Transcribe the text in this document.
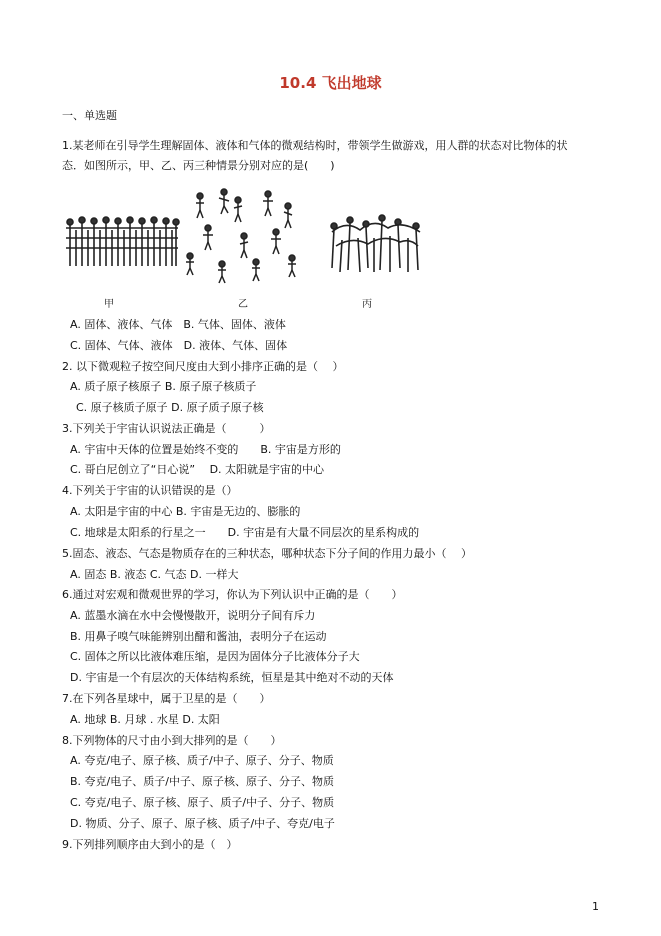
10.4 飞出地球
一、单选题
1.某老师在引导学生理解固体、液体和气体的微观结构时，带领学生做游戏，用人群的状态对比物体的状
态．如图所示，甲、乙、丙三种情景分别对应的是(　　)
甲	乙	丙
A. 固体、液体、气体　B. 气体、固体、液体
C. 固体、气体、液体　D. 液体、气体、固体
2. 以下微观粒子按空间尺度由大到小排序正确的是（　 ）
A. 质子原子核原子 B. 原子原子核质子
C. 原子核质子原子 D. 原子质子原子核
3.下列关于宇宙认识说法正确是（　　　）
A. 宇宙中天体的位置是始终不变的　　B. 宇宙是方形的
C. 哥白尼创立了“日心说”　 D. 太阳就是宇宙的中心
4.下列关于宇宙的认识错误的是（）
A. 太阳是宇宙的中心 B. 宇宙是无边的、膨胀的
C. 地球是太阳系的行星之一　　D. 宇宙是有大量不同层次的星系构成的
5.固态、液态、气态是物质存在的三种状态，哪种状态下分子间的作用力最小（　 ）
A. 固态 B. 液态 C. 气态 D. 一样大
6.通过对宏观和微观世界的学习，你认为下列认识中正确的是（　　）
A. 蓝墨水滴在水中会慢慢散开，说明分子间有斥力
B. 用鼻子嗅气味能辨别出醋和酱油，表明分子在运动
C. 固体之所以比液体难压缩，是因为固体分子比液体分子大
D. 宇宙是一个有层次的天体结构系统，恒星是其中绝对不动的天体
7.在下列各星球中，属于卫星的是（　　）
A. 地球 B. 月球 . 水星 D. 太阳
8.下列物体的尺寸由小到大排列的是（　　）
A. 夸克/电子、原子核、质子/中子、原子、分子、物质
B. 夸克/电子、质子/中子、原子核、原子、分子、物质
C. 夸克/电子、原子核、原子、质子/中子、分子、物质
D. 物质、分子、原子、原子核、质子/中子、夸克/电子
9.下列排列顺序由大到小的是（　）
1
